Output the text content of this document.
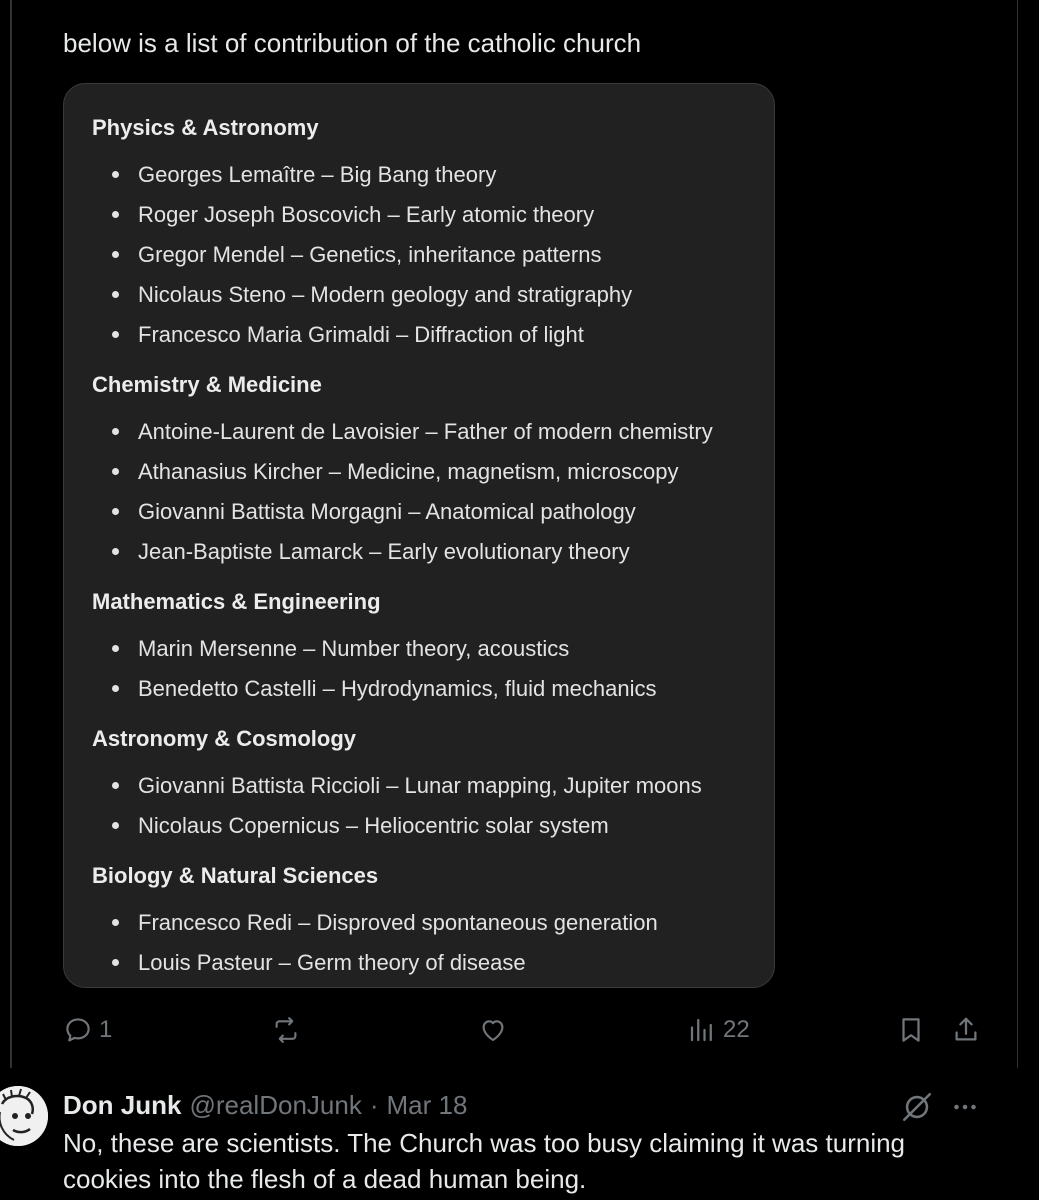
below is a list of contribution of the catholic church
Physics & Astronomy
Georges Lemaître – Big Bang theory
Roger Joseph Boscovich – Early atomic theory
Gregor Mendel – Genetics, inheritance patterns
Nicolaus Steno – Modern geology and stratigraphy
Francesco Maria Grimaldi – Diffraction of light
Chemistry & Medicine
Antoine-Laurent de Lavoisier – Father of modern chemistry
Athanasius Kircher – Medicine, magnetism, microscopy
Giovanni Battista Morgagni – Anatomical pathology
Jean-Baptiste Lamarck – Early evolutionary theory
Mathematics & Engineering
Marin Mersenne – Number theory, acoustics
Benedetto Castelli – Hydrodynamics, fluid mechanics
Astronomy & Cosmology
Giovanni Battista Riccioli – Lunar mapping, Jupiter moons
Nicolaus Copernicus – Heliocentric solar system
Biology & Natural Sciences
Francesco Redi – Disproved spontaneous generation
Louis Pasteur – Germ theory of disease
1	22
Don Junk @realDonJunk · Mar 18
No, these are scientists. The Church was too busy claiming it was turning cookies into the flesh of a dead human being.
